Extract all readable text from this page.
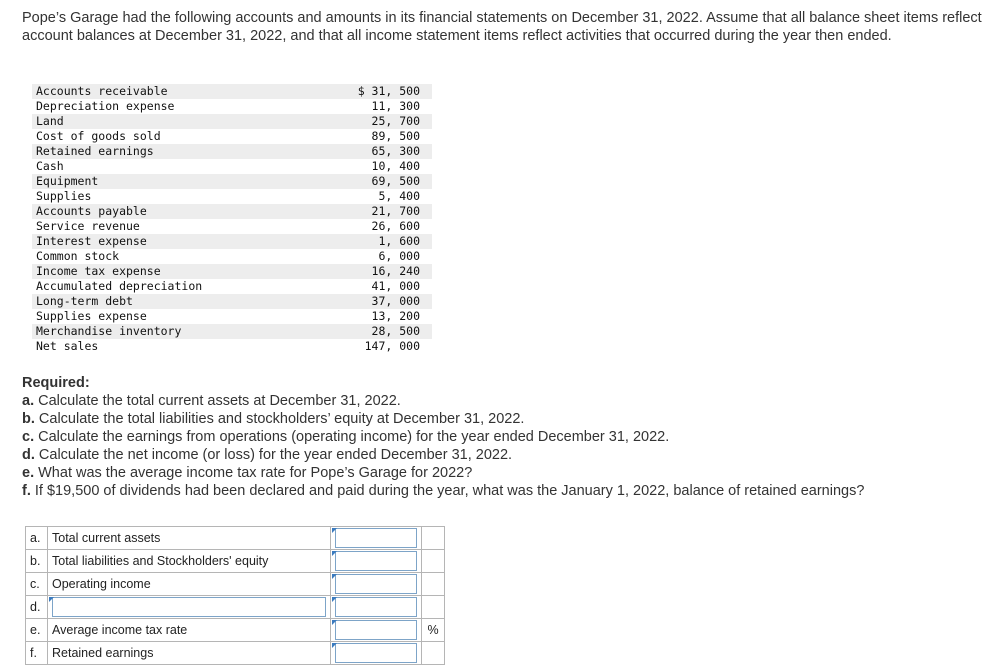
Pope’s Garage had the following accounts and amounts in its financial statements on December 31, 2022. Assume that all balance sheet items reflect account balances at December 31, 2022, and that all income statement items reflect activities that occurred during the year then ended.
Accounts receivable	$ 31, 500
Depreciation expense	11, 300
Land	25, 700
Cost of goods sold	89, 500
Retained earnings	65, 300
Cash	10, 400
Equipment	69, 500
Supplies	5, 400
Accounts payable	21, 700
Service revenue	26, 600
Interest expense	1, 600
Common stock	6, 000
Income tax expense	16, 240
Accumulated depreciation	41, 000
Long-term debt	37, 000
Supplies expense	13, 200
Merchandise inventory	28, 500
Net sales	147, 000
Required:
a. Calculate the total current assets at December 31, 2022.
b. Calculate the total liabilities and stockholders’ equity at December 31, 2022.
c. Calculate the earnings from operations (operating income) for the year ended December 31, 2022.
d. Calculate the net income (or loss) for the year ended December 31, 2022.
e. What was the average income tax rate for Pope’s Garage for 2022?
f. If $19,500 of dividends had been declared and paid during the year, what was the January 1, 2022, balance of retained earnings?
a.	Total current assets	

b.	Total liabilities and Stockholders' equity	

c.	Operating income	

d.	

e.	Average income tax rate		%
f.	Retained earnings	
